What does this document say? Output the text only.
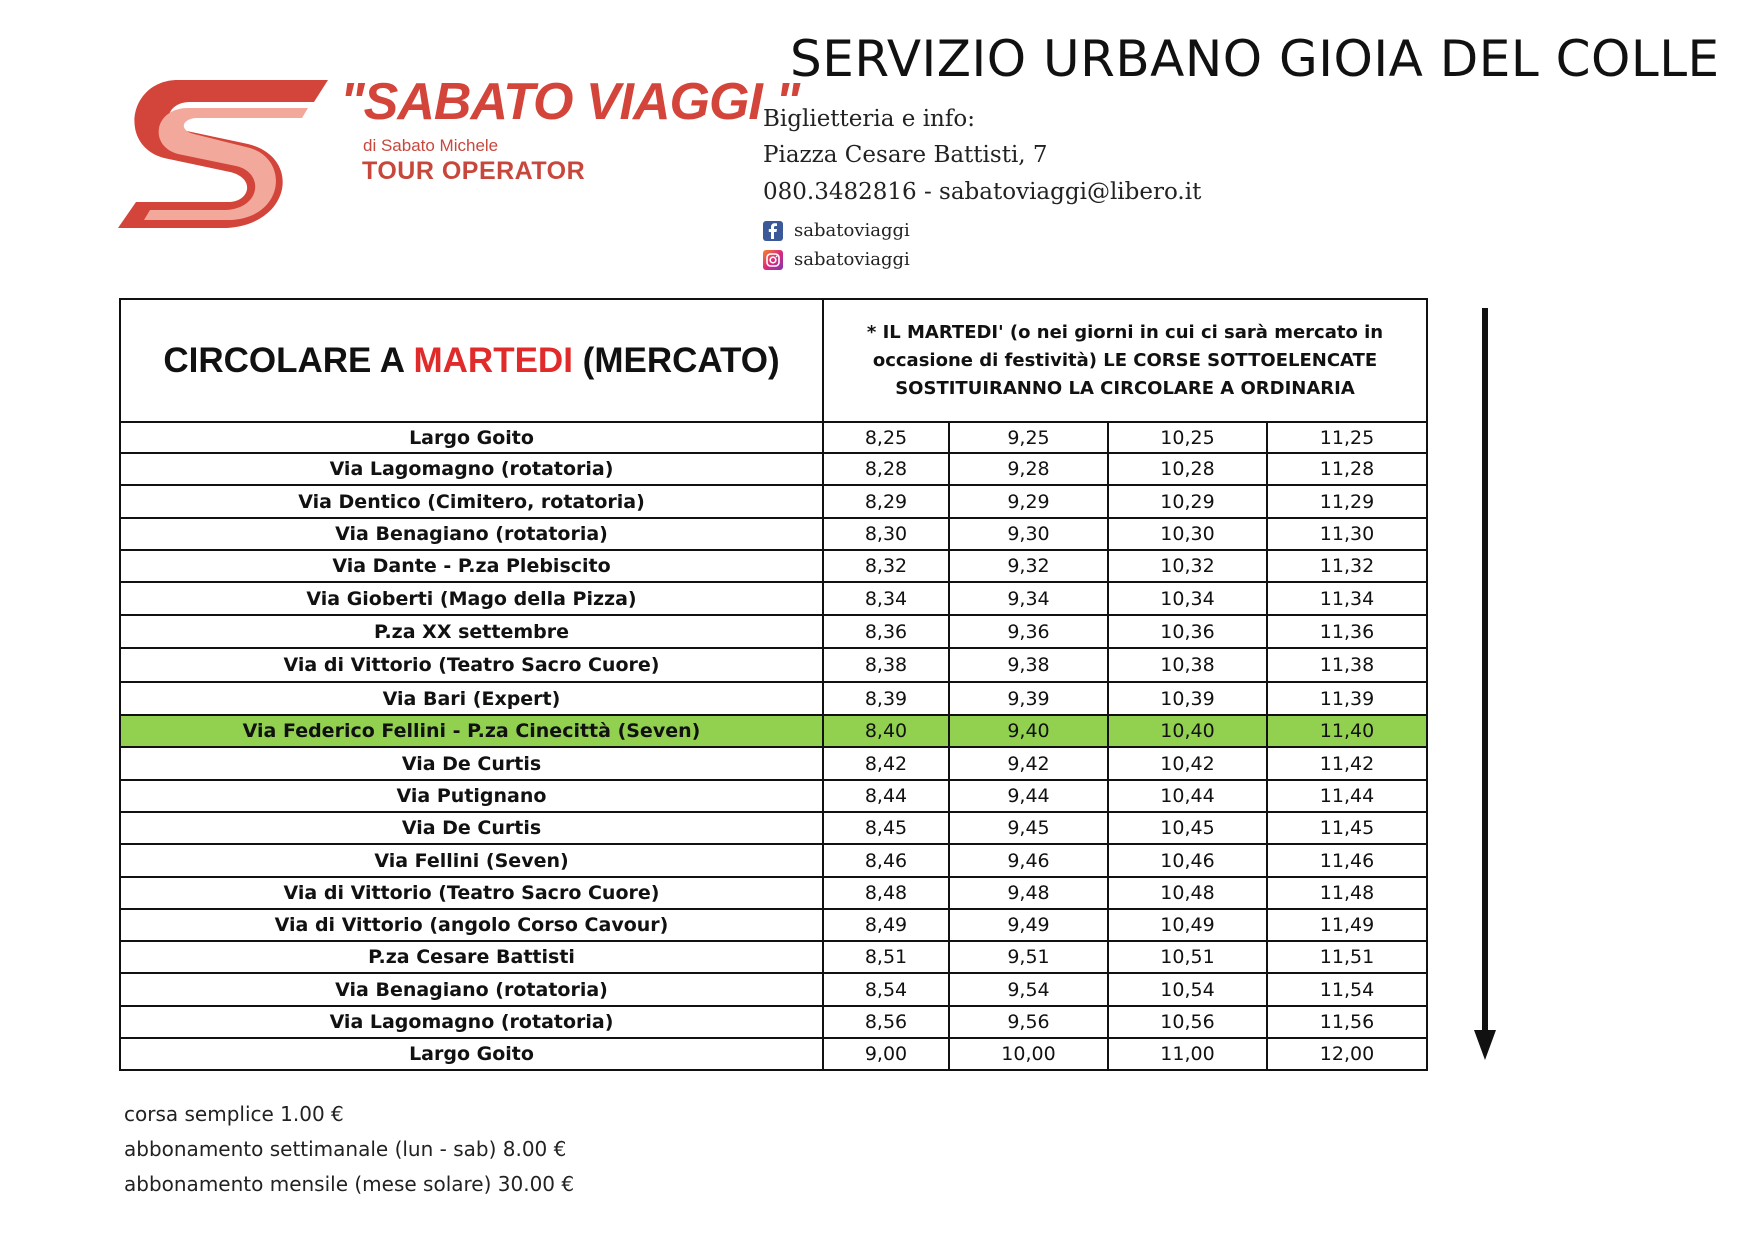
"SABATO VIAGGI "
di Sabato Michele
TOUR OPERATOR
SERVIZIO URBANO GIOIA DEL COLLE
Biglietteria e info:
Piazza Cesare Battisti, 7
080.3482816 - sabatoviaggi@libero.it
sabatoviaggi
sabatoviaggi
CIRCOLARE A MARTEDI (MERCATO)	* IL MARTEDI' (o nei giorni in cui ci sarà mercato in occasione di festività) LE CORSE SOTTOELENCATE SOSTITUIRANNO LA CIRCOLARE A ORDINARIA			
Largo Goito	8,25	9,25	10,25	11,25
Via Lagomagno (rotatoria)	8,28	9,28	10,28	11,28
Via Dentico (Cimitero, rotatoria)	8,29	9,29	10,29	11,29
Via Benagiano (rotatoria)	8,30	9,30	10,30	11,30
Via Dante - P.za Plebiscito	8,32	9,32	10,32	11,32
Via Gioberti (Mago della Pizza)	8,34	9,34	10,34	11,34
P.za XX settembre	8,36	9,36	10,36	11,36
Via di Vittorio (Teatro Sacro Cuore)	8,38	9,38	10,38	11,38
Via Bari (Expert)	8,39	9,39	10,39	11,39
Via Federico Fellini - P.za Cinecittà (Seven)	8,40	9,40	10,40	11,40
Via De Curtis	8,42	9,42	10,42	11,42
Via Putignano	8,44	9,44	10,44	11,44
Via De Curtis	8,45	9,45	10,45	11,45
Via Fellini (Seven)	8,46	9,46	10,46	11,46
Via di Vittorio (Teatro Sacro Cuore)	8,48	9,48	10,48	11,48
Via di Vittorio (angolo Corso Cavour)	8,49	9,49	10,49	11,49
P.za Cesare Battisti	8,51	9,51	10,51	11,51
Via Benagiano (rotatoria)	8,54	9,54	10,54	11,54
Via Lagomagno (rotatoria)	8,56	9,56	10,56	11,56
Largo Goito	9,00	10,00	11,00	12,00
corsa semplice 1.00 €
abbonamento settimanale (lun - sab) 8.00 €
abbonamento mensile (mese solare) 30.00 €
